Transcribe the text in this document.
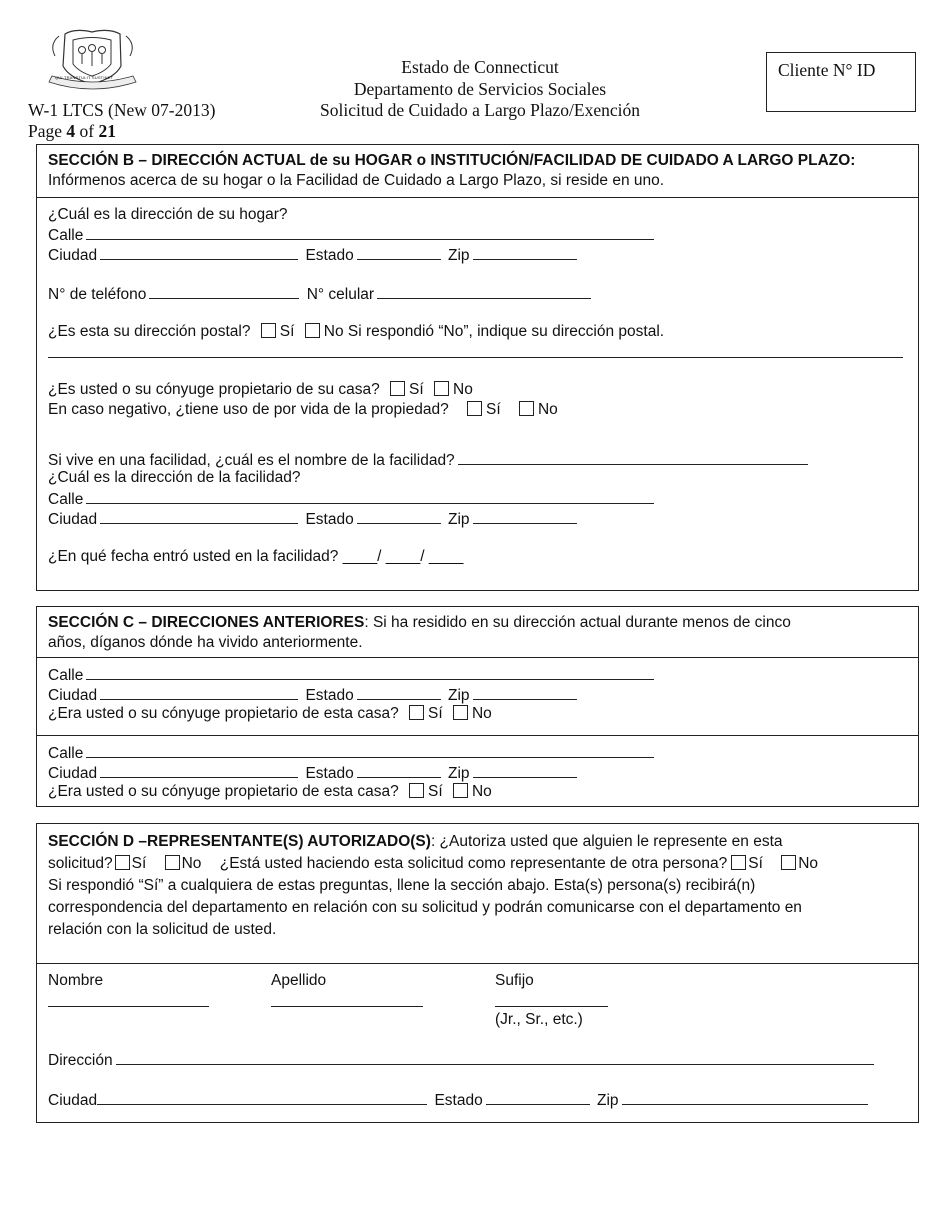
QUI TRANSTULIT SUSTINET
Estado de Connecticut
Departamento de Servicios Sociales
Solicitud de Cuidado a Largo Plazo/Exención
W-1 LTCS (New 07-2013)
Page 4 of 21
Cliente N° ID
SECCIÓN B – DIRECCIÓN ACTUAL de su HOGAR o INSTITUCIÓN/FACILIDAD DE CUIDADO A LARGO PLAZO:
Infórmenos acerca de su hogar o la Facilidad de Cuidado a Largo Plazo, si reside en uno.
¿Cuál es la dirección de su hogar?
Calle
Ciudad	Estado	Zip
N° de teléfono	N° celular
¿Es esta su dirección postal? Sí No Si respondió “No”, indique su dirección postal.
¿Es usted o su cónyuge propietario de su casa? Sí No
En caso negativo, ¿tiene uso de por vida de la propiedad? Sí No
Si vive en una facilidad, ¿cuál es el nombre de la facilidad?
¿Cuál es la dirección de la facilidad?
Calle
Ciudad	Estado	Zip
¿En qué fecha entró usted en la facilidad? ____/ ____/ ____
SECCIÓN C – DIRECCIONES ANTERIORES: Si ha residido en su dirección actual durante menos de cinco
años, díganos dónde ha vivido anteriormente.
Calle
Ciudad	Estado	Zip
¿Era usted o su cónyuge propietario de esta casa? Sí No
Calle
Ciudad	Estado	Zip
¿Era usted o su cónyuge propietario de esta casa? Sí No
SECCIÓN D –REPRESENTANTE(S) AUTORIZADO(S): ¿Autoriza usted que alguien le represente en esta
solicitud? Sí No ¿Está usted haciendo esta solicitud como representante de otra persona? Sí No
Si respondió “Sí” a cualquiera de estas preguntas, llene la sección abajo. Esta(s) persona(s) recibirá(n)
correspondencia del departamento en relación con su solicitud y podrán comunicarse con el departamento en
relación con la solicitud de usted.
Nombre	Apellido	Sufijo
(Jr., Sr., etc.)
Dirección
Ciudad	Estado	Zip
